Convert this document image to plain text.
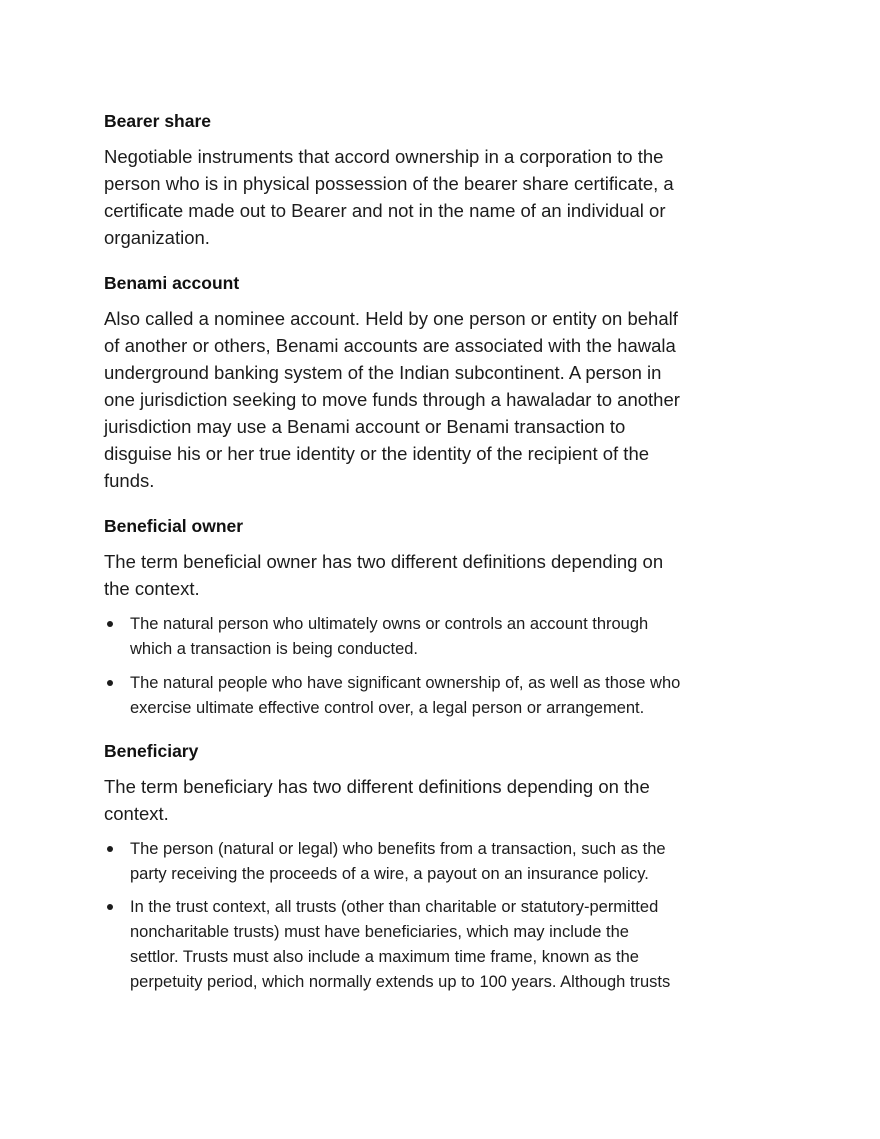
Bearer share
Negotiable instruments that accord ownership in a corporation to the
person who is in physical possession of the bearer share certificate, a
certificate made out to Bearer and not in the name of an individual or
organization.
Benami account
Also called a nominee account. Held by one person or entity on behalf
of another or others, Benami accounts are associated with the hawala
underground banking system of the Indian subcontinent. A person in
one jurisdiction seeking to move funds through a hawaladar to another
jurisdiction may use a Benami account or Benami transaction to
disguise his or her true identity or the identity of the recipient of the
funds.
Beneficial owner
The term beneficial owner has two different definitions depending on
the context.
The natural person who ultimately owns or controls an account through
which a transaction is being conducted.
The natural people who have significant ownership of, as well as those who
exercise ultimate effective control over, a legal person or arrangement.
Beneficiary
The term beneficiary has two different definitions depending on the
context.
The person (natural or legal) who benefits from a transaction, such as the
party receiving the proceeds of a wire, a payout on an insurance policy.
In the trust context, all trusts (other than charitable or statutory-permitted
noncharitable trusts) must have beneficiaries, which may include the
settlor. Trusts must also include a maximum time frame, known as the
perpetuity period, which normally extends up to 100 years. Although trusts
